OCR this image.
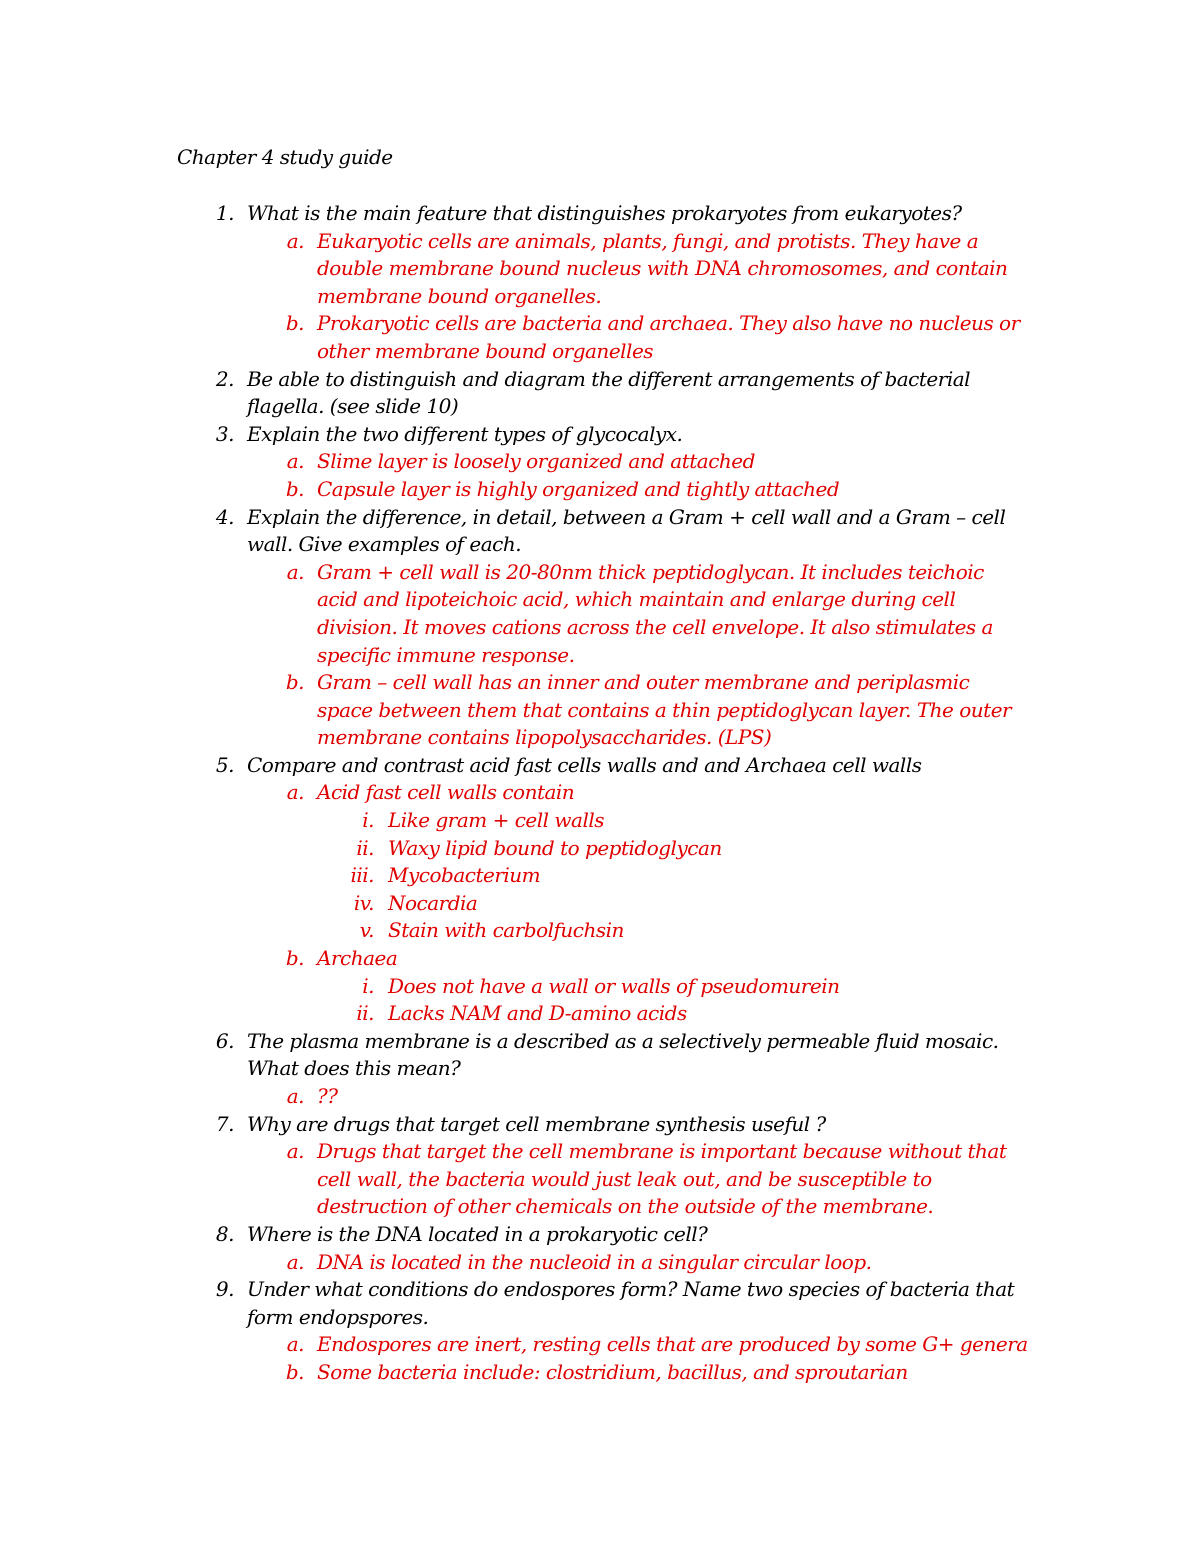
Chapter 4 study guide
1. What is the main feature that distinguishes prokaryotes from eukaryotes?
a. Eukaryotic cells are animals, plants, fungi, and protists. They have a
double membrane bound nucleus with DNA chromosomes, and contain
membrane bound organelles.
b. Prokaryotic cells are bacteria and archaea. They also have no nucleus or
other membrane bound organelles
2. Be able to distinguish and diagram the different arrangements of bacterial
flagella. (see slide 10)
3. Explain the two different types of glycocalyx.
a. Slime layer is loosely organized and attached
b. Capsule layer is highly organized and tightly attached
4. Explain the difference, in detail, between a Gram + cell wall and a Gram – cell
wall. Give examples of each.
a. Gram + cell wall is 20-80nm thick peptidoglycan. It includes teichoic
acid and lipoteichoic acid, which maintain and enlarge during cell
division. It moves cations across the cell envelope. It also stimulates a
specific immune response.
b. Gram – cell wall has an inner and outer membrane and periplasmic
space between them that contains a thin peptidoglycan layer. The outer
membrane contains lipopolysaccharides. (LPS)
5. Compare and contrast acid fast cells walls and and Archaea cell walls
a. Acid fast cell walls contain
i. Like gram + cell walls
ii. Waxy lipid bound to peptidoglycan
iii. Mycobacterium
iv. Nocardia
v. Stain with carbolfuchsin
b. Archaea
i. Does not have a wall or walls of pseudomurein
ii. Lacks NAM and D-amino acids
6. The plasma membrane is a described as a selectively permeable fluid mosaic.
What does this mean?
a. ??
7. Why are drugs that target cell membrane synthesis useful ?
a. Drugs that target the cell membrane is important because without that
cell wall, the bacteria would just leak out, and be susceptible to
destruction of other chemicals on the outside of the membrane.
8. Where is the DNA located in a prokaryotic cell?
a. DNA is located in the nucleoid in a singular circular loop.
9. Under what conditions do endospores form? Name two species of bacteria that
form endopspores.
a. Endospores are inert, resting cells that are produced by some G+ genera
b. Some bacteria include: clostridium, bacillus, and sproutarian
